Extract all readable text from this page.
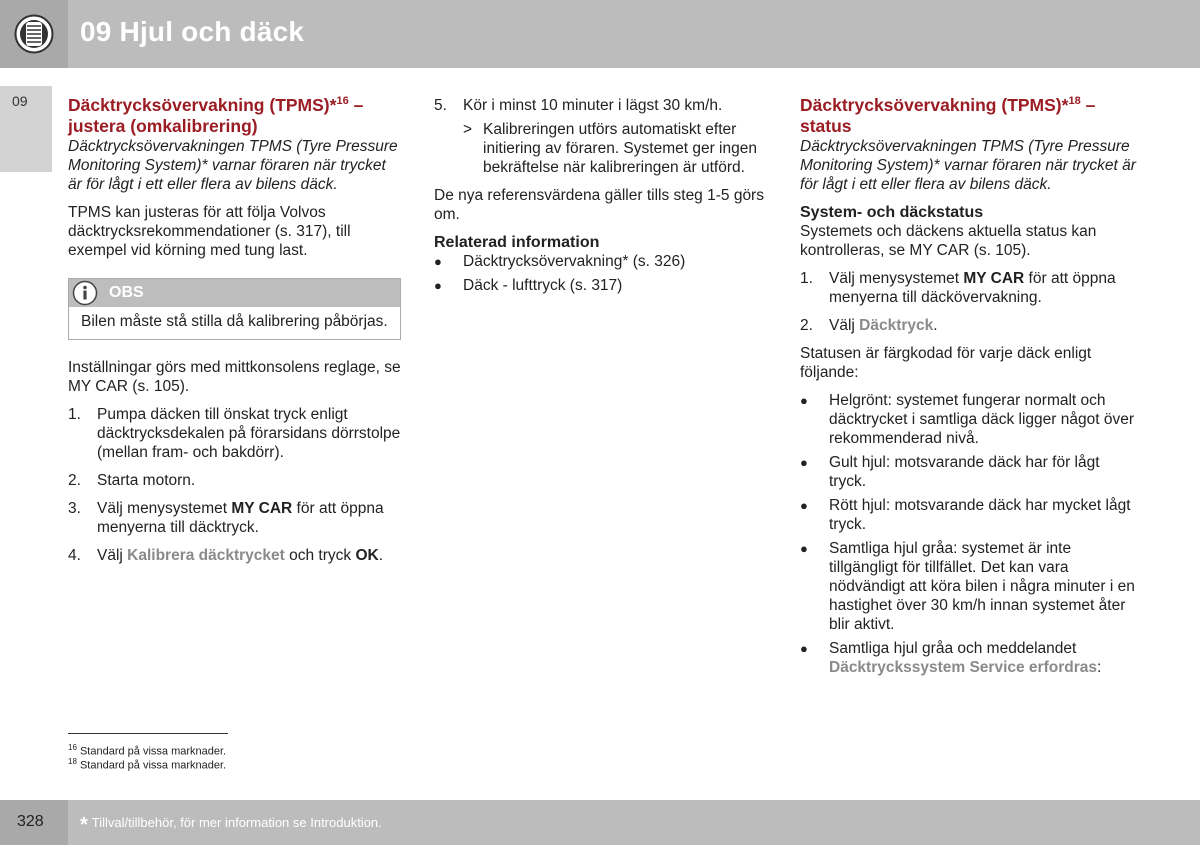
09 Hjul och däck
09 Däcktrycksövervakning (TPMS)*$^{16}$ – justera (omkalibrering)

Däcktrycksövervakningen TPMS (Tyre Pressure Monitoring System)* varnar föraren när trycket är för lågt i ett eller flera av bilens däck.

TPMS kan justeras för att följa Volvos däcktrycksrekommendationer (s. 317), till exempel vid körning med tung last.

OBS
Bilen måste stå stilla då kalibrering påbörjas.

Inställningar görs med mittkonsolens reglage, se MY CAR (s. 105).

1.	Pumpa däcken till önskat tryck enligt däcktrycksdekalen på förarsidans dörrstolpe (mellan fram- och bakdörr).
2.	Starta motorn.
3.	Välj menysystemet MY CAR för att öppna menyerna till däcktryck.
4.	Välj Kalibrera däcktrycket och tryck OK.
5.	Kör i minst 10 minuter i lägst 30 km/h.
> Kalibreringen utförs automatiskt efter initiering av föraren. Systemet ger ingen bekräftelse när kalibreringen är utförd.

De nya referensvärdena gäller tills steg 1-5 görs om.

Relaterad information
●	Däcktrycksövervakning* (s. 326)
●	Däck - lufttryck (s. 317)
Däcktrycksövervakning (TPMS)*$^{18}$ – status

Däcktrycksövervakningen TPMS (Tyre Pressure Monitoring System)* varnar föraren när trycket är för lågt i ett eller flera av bilens däck.

System- och däckstatus

Systemets och däckens aktuella status kan kontrolleras, se MY CAR (s. 105).

1.	Välj menysystemet MY CAR för att öppna menyerna till däckövervakning.
2.	Välj Däcktryck.

Statusen är färgkodad för varje däck enligt följande:

●	Helgrönt: systemet fungerar normalt och däcktrycket i samtliga däck ligger något över rekommenderad nivå.
●	Gult hjul: motsvarande däck har för lågt tryck.
●	Rött hjul: motsvarande däck har mycket lågt tryck.
●	Samtliga hjul gråa: systemet är inte tillgängligt för tillfället. Det kan vara nödvändigt att köra bilen i några minuter i en hastighet över 30 km/h innan systemet åter blir aktivt.
●	Samtliga hjul gråa och meddelandet Däcktryckssystem Service erfordras:
$^{16}$ Standard på vissa marknader.
$^{18}$ Standard på vissa marknader.
328 * Tillval/tillbehör, för mer information se Introduktion.
